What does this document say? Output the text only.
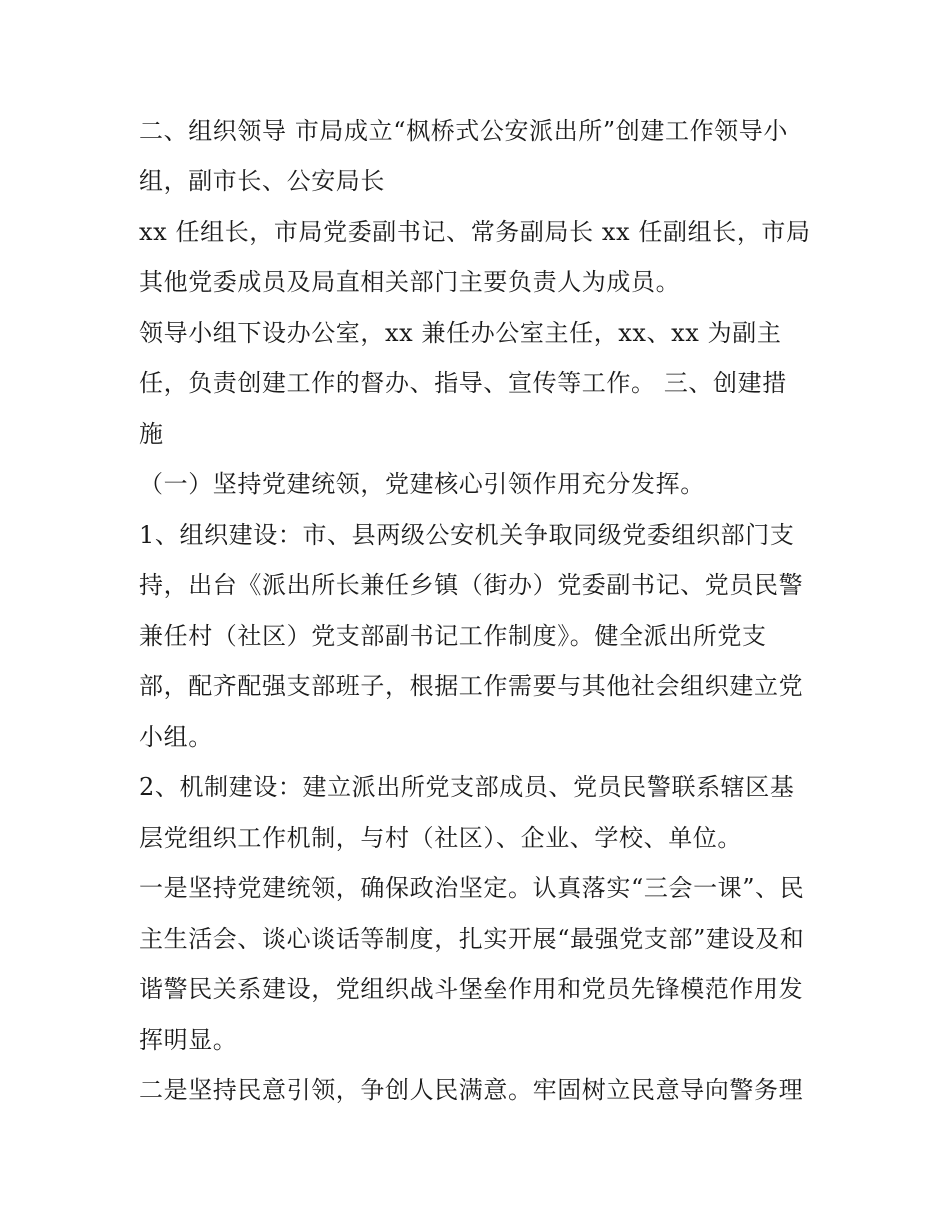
二、组织领导 市局成立“枫桥式公安派出所”创建工作领导小
组，副市长、公安局长
xx 任组长，市局党委副书记、常务副局长 xx 任副组长，市局
其他党委成员及局直相关部门主要负责人为成员。
领导小组下设办公室，xx 兼任办公室主任，xx、xx 为副主
任，负责创建工作的督办、指导、宣传等工作。 三、创建措
施
（一）坚持党建统领，党建核心引领作用充分发挥。
1、组织建设：市、县两级公安机关争取同级党委组织部门支
持，出台《派出所长兼任乡镇（街办）党委副书记、党员民警
兼任村（社区）党支部副书记工作制度》。健全派出所党支
部，配齐配强支部班子，根据工作需要与其他社会组织建立党
小组。
2、机制建设：建立派出所党支部成员、党员民警联系辖区基
层党组织工作机制，与村（社区）、企业、学校、单位。
一是坚持党建统领，确保政治坚定。认真落实“三会一课”、民
主生活会、谈心谈话等制度，扎实开展“最强党支部”建设及和
谐警民关系建设，党组织战斗堡垒作用和党员先锋模范作用发
挥明显。
二是坚持民意引领，争创人民满意。牢固树立民意导向警务理
